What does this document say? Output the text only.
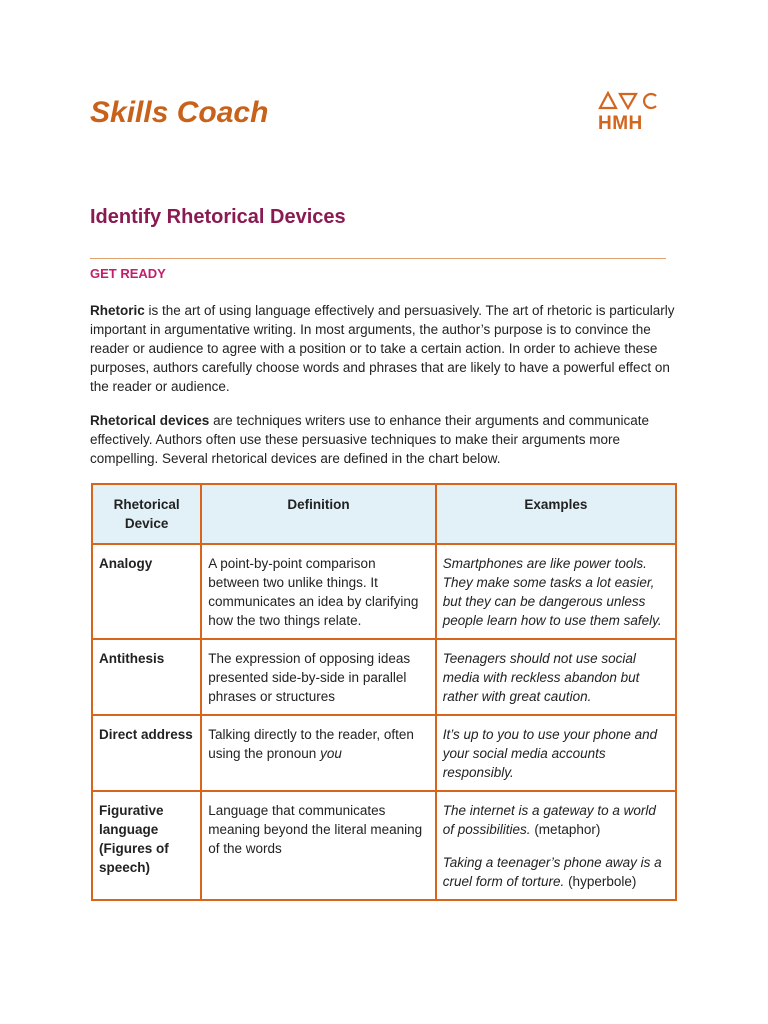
Skills Coach	HMH
Identify Rhetorical Devices
GET READY

Rhetoric is the art of using language effectively and persuasively. The art of rhetoric is particularly important in argumentative writing. In most arguments, the author’s purpose is to convince the reader or audience to agree with a position or to take a certain action. In order to achieve these purposes, authors carefully choose words and phrases that are likely to have a powerful effect on the reader or audience.

Rhetorical devices are techniques writers use to enhance their arguments and communicate effectively. Authors often use these persuasive techniques to make their arguments more compelling. Several rhetorical devices are defined in the chart below.

Rhetorical Device	Definition	Examples
Analogy	A point-by-point comparison between two unlike things. It communicates an idea by clarifying how the two things relate.	Smartphones are like power tools. They make some tasks a lot easier, but they can be dangerous unless people learn how to use them safely.
Antithesis	The expression of opposing ideas presented side-by-side in parallel phrases or structures	Teenagers should not use social media with reckless abandon but rather with great caution.
Direct address	Talking directly to the reader, often using the pronoun you	It’s up to you to use your phone and your social media accounts responsibly.
Figurative language (Figures of speech)	Language that communicates meaning beyond the literal meaning of the words	The internet is a gateway to a world of possibilities. (metaphor)

Taking a teenager’s phone away is a cruel form of torture. (hyperbole)
